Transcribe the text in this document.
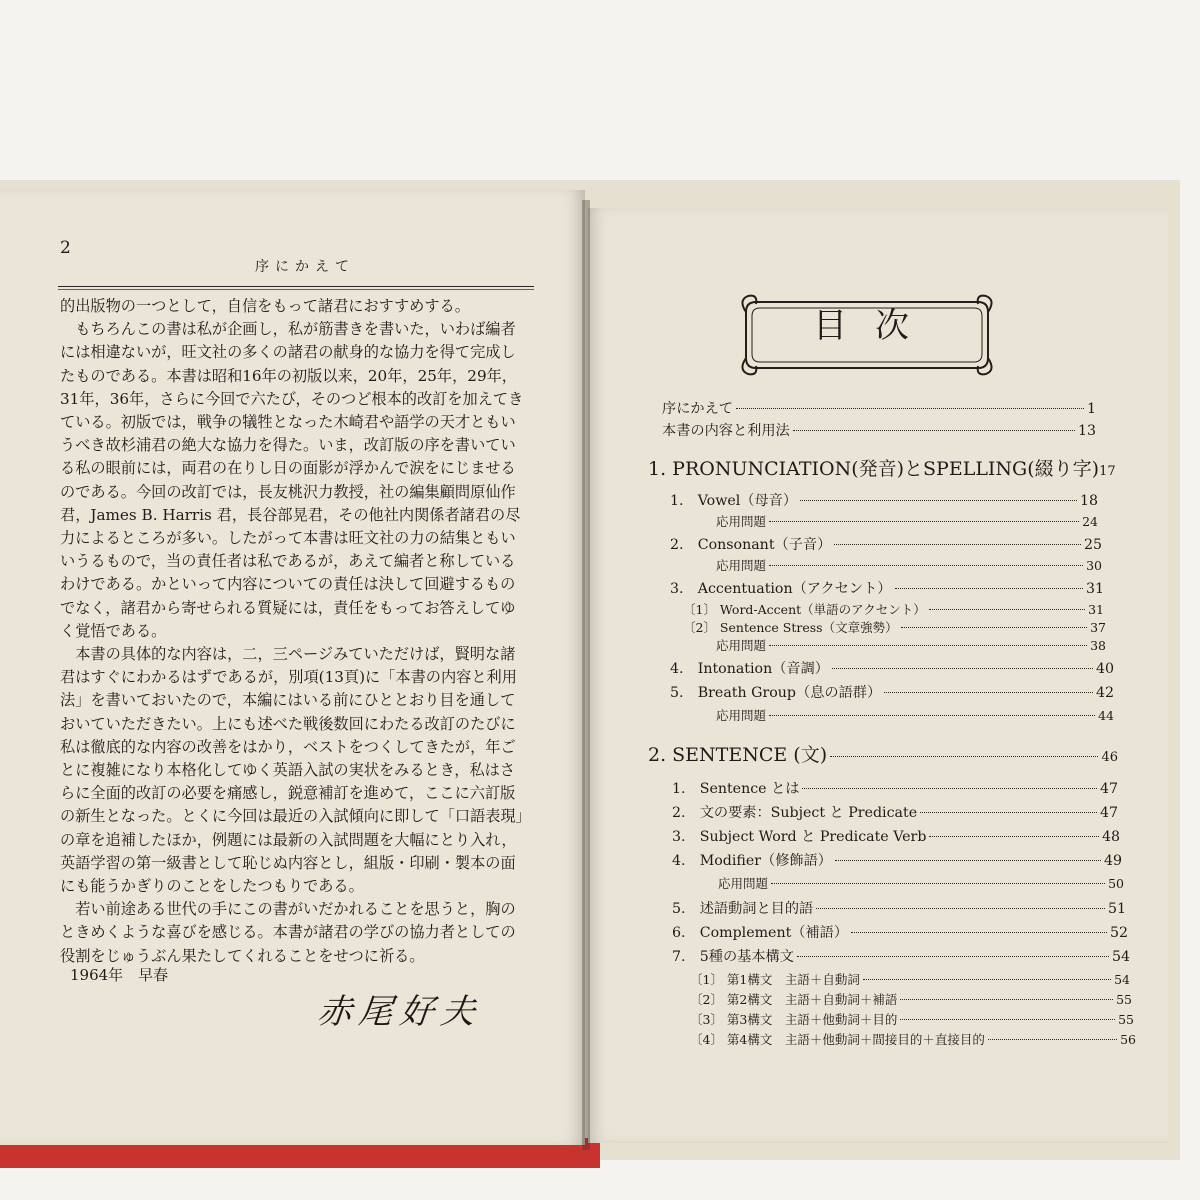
2
序にかえて

的出版物の一つとして，自信をもって諸君におすすめする。

　もちろんこの書は私が企画し，私が筋書きを書いた，いわば編者には相違ないが，旺文社の多くの諸君の献身的な協力を得て完成したものである。本書は昭和16年の初版以来，20年，25年，29年，31年，36年，さらに今回で六たび，そのつど根本的改訂を加えてきている。初版では，戦争の犠牲となった木崎君や語学の天才ともいうべき故杉浦君の絶大な協力を得た。いま，改訂版の序を書いている私の眼前には，両君の在りし日の面影が浮かんで涙をにじませるのである。今回の改訂では，長友桃沢力教授，社の編集顧問原仙作君，James B. Harris 君，長谷部晃君，その他社内関係者諸君の尽力によるところが多い。したがって本書は旺文社の力の結集ともいいうるもので，当の責任者は私であるが，あえて編者と称しているわけである。かといって内容についての責任は決して回避するものでなく，諸君から寄せられる質疑には，責任をもってお答えしてゆく覚悟である。

　本書の具体的な内容は，二，三ページみていただけば，賢明な諸君はすぐにわかるはずであるが，別項(13頁)に「本書の内容と利用法」を書いておいたので，本編にはいる前にひととおり目を通しておいていただきたい。上にも述べた戦後数回にわたる改訂のたびに私は徹底的な内容の改善をはかり，ベストをつくしてきたが，年ごとに複雑になり本格化してゆく英語入試の実状をみるとき，私はさらに全面的改訂の必要を痛感し，鋭意補訂を進めて，ここに六訂版の新生となった。とくに今回は最近の入試傾向に即して「口語表現」の章を追補したほか，例題には最新の入試問題を大幅にとり入れ，英語学習の第一級書として恥じぬ内容とし，組版・印刷・製本の面にも能うかぎりのことをしたつもりである。

　若い前途ある世代の手にこの書がいだかれることを思うと，胸のときめくような喜びを感じる。本書が諸君の学びの協力者としての役割をじゅうぶん果たしてくれることをせつに祈る。

1964年　早春
赤尾好夫
目次
序にかえて	1
本書の内容と利用法	13
1. PRONUNCIATION(発音)とSPELLING(綴り字) 17
1.　Vowel（母音）	18
応用問題	24
2.　Consonant（子音）	25
応用問題	30
3.　Accentuation（アクセント）	31
〔1〕 Word-Accent（単語のアクセント）	31
〔2〕 Sentence Stress（文章強勢）	37
応用問題	38
4.　Intonation（音調）	40
5.　Breath Group（息の語群）	42
応用問題	44
2. SENTENCE (文)	46
1.　Sentence とは	47
2.　文の要素：Subject と Predicate	47
3.　Subject Word と Predicate Verb	48
4.　Modifier（修飾語）	49
応用問題	50
5.　述語動詞と目的語	51
6.　Complement（補語）	52
7.　5種の基本構文	54
〔1〕 第1構文　主語＋自動詞	54
〔2〕 第2構文　主語＋自動詞＋補語	55
〔3〕 第3構文　主語＋他動詞＋目的	55
〔4〕 第4構文　主語＋他動詞＋間接目的＋直接目的	56
